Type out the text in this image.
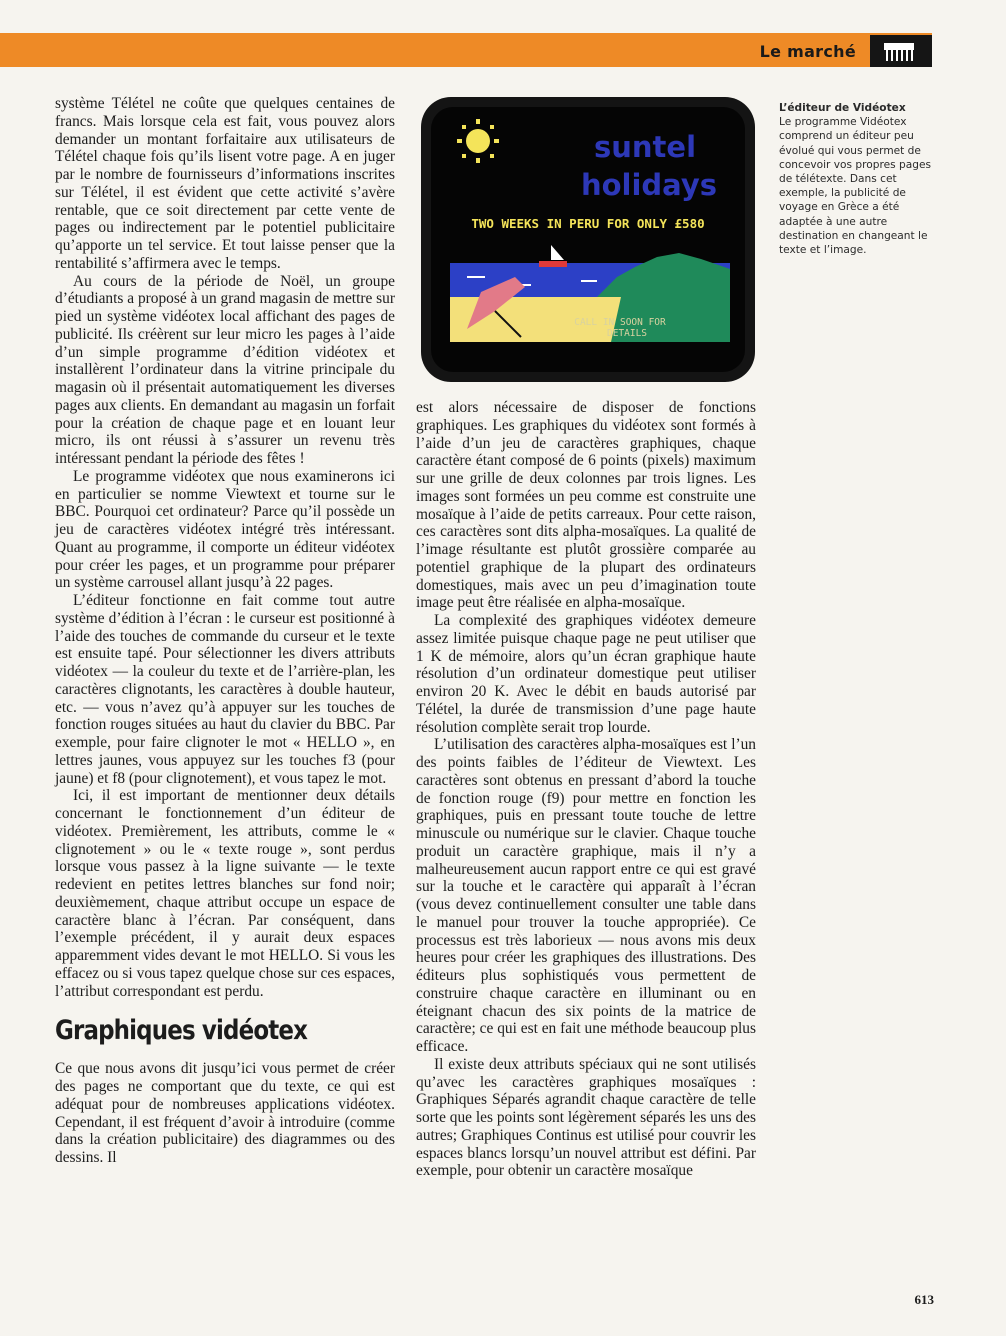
Le marché

système Télétel ne coûte que quelques centaines de francs. Mais lorsque cela est fait, vous pouvez alors demander un montant forfaitaire aux utilisateurs de Télétel chaque fois qu’ils lisent votre page. A en juger par le nombre de fournisseurs d’informations inscrites sur Télétel, il est évident que cette activité s’avère rentable, que ce soit directement par cette vente de pages ou indirectement par le potentiel publicitaire qu’apporte un tel service. Et tout laisse penser que la rentabilité s’affirmera avec le temps.

Au cours de la période de Noël, un groupe d’étudiants a proposé à un grand magasin de mettre sur pied un système vidéotex local affichant des pages de publicité. Ils créèrent sur leur micro les pages à l’aide d’un simple programme d’édition vidéotex et installèrent l’ordinateur dans la vitrine principale du magasin où il présentait automatiquement les diverses pages aux clients. En demandant au magasin un forfait pour la création de chaque page et en louant leur micro, ils ont réussi à s’assurer un revenu très intéressant pendant la période des fêtes !

Le programme vidéotex que nous examinerons ici en particulier se nomme Viewtext et tourne sur le BBC. Pourquoi cet ordinateur? Parce qu’il possède un jeu de caractères vidéotex intégré très intéressant. Quant au programme, il comporte un éditeur vidéotex pour créer les pages, et un programme pour préparer un système carrousel allant jusqu’à 22 pages.

L’éditeur fonctionne en fait comme tout autre système d’édition à l’écran : le curseur est positionné à l’aide des touches de commande du curseur et le texte est ensuite tapé. Pour sélectionner les divers attributs vidéotex — la couleur du texte et de l’arrière-plan, les caractères clignotants, les caractères à double hauteur, etc. — vous n’avez qu’à appuyer sur les touches de fonction rouges situées au haut du clavier du BBC. Par exemple, pour faire clignoter le mot « HELLO », en lettres jaunes, vous appuyez sur les touches f3 (pour jaune) et f8 (pour clignotement), et vous tapez le mot.

Ici, il est important de mentionner deux détails concernant le fonctionnement d’un éditeur de vidéotex. Premièrement, les attributs, comme le « clignotement » ou le « texte rouge », sont perdus lorsque vous passez à la ligne suivante — le texte redevient en petites lettres blanches sur fond noir; deuxièmement, chaque attribut occupe un espace de caractère blanc à l’écran. Par conséquent, dans l’exemple précédent, il y aurait deux espaces apparemment vides devant le mot HELLO. Si vous les effacez ou si vous tapez quelque chose sur ces espaces, l’attribut correspondant est perdu.

Graphiques vidéotex

Ce que nous avons dit jusqu’ici vous permet de créer des pages ne comportant que du texte, ce qui est adéquat pour de nombreuses applications vidéotex. Cependant, il est fréquent d’avoir à introduire (comme dans la création publicitaire) des diagrammes ou des dessins. Il

suntel
holidays
TWO WEEKS IN PERU FOR ONLY £580
CALL IN SOON FOR
DETAILS
L’éditeur de Vidéotex
Le programme Vidéotex comprend un éditeur peu évolué qui vous permet de concevoir vos propres pages de télétexte. Dans cet exemple, la publicité de voyage en Grèce a été adaptée à une autre destination en changeant le texte et l’image.

est alors nécessaire de disposer de fonctions graphiques. Les graphiques du vidéotex sont formés à l’aide d’un jeu de caractères graphiques, chaque caractère étant composé de 6 points (pixels) maximum sur une grille de deux colonnes par trois lignes. Les images sont formées un peu comme est construite une mosaïque à l’aide de petits carreaux. Pour cette raison, ces caractères sont dits alpha-mosaïques. La qualité de l’image résultante est plutôt grossière comparée au potentiel graphique de la plupart des ordinateurs domestiques, mais avec un peu d’imagination toute image peut être réalisée en alpha-mosaïque.

La complexité des graphiques vidéotex demeure assez limitée puisque chaque page ne peut utiliser que 1 K de mémoire, alors qu’un écran graphique haute résolution d’un ordinateur domestique peut utiliser environ 20 K. Avec le débit en bauds autorisé par Télétel, la durée de transmission d’une page haute résolution complète serait trop lourde.

L’utilisation des caractères alpha-mosaïques est l’un des points faibles de l’éditeur de Viewtext. Les caractères sont obtenus en pressant d’abord la touche de fonction rouge (f9) pour mettre en fonction les graphiques, puis en pressant toute touche de lettre minuscule ou numérique sur le clavier. Chaque touche produit un caractère graphique, mais il n’y a malheureusement aucun rapport entre ce qui est gravé sur la touche et le caractère qui apparaît à l’écran (vous devez continuellement consulter une table dans le manuel pour trouver la touche appropriée). Ce processus est très laborieux — nous avons mis deux heures pour créer les graphiques des illustrations. Des éditeurs plus sophistiqués vous permettent de construire chaque caractère en illuminant ou en éteignant chacun des six points de la matrice de caractère; ce qui est en fait une méthode beaucoup plus efficace.

Il existe deux attributs spéciaux qui ne sont utilisés qu’avec les caractères graphiques mosaïques : Graphiques Séparés agrandit chaque caractère de telle sorte que les points sont légèrement séparés les uns des autres; Graphiques Continus est utilisé pour couvrir les espaces blancs lorsqu’un nouvel attribut est défini. Par exemple, pour obtenir un caractère mosaïque

613
